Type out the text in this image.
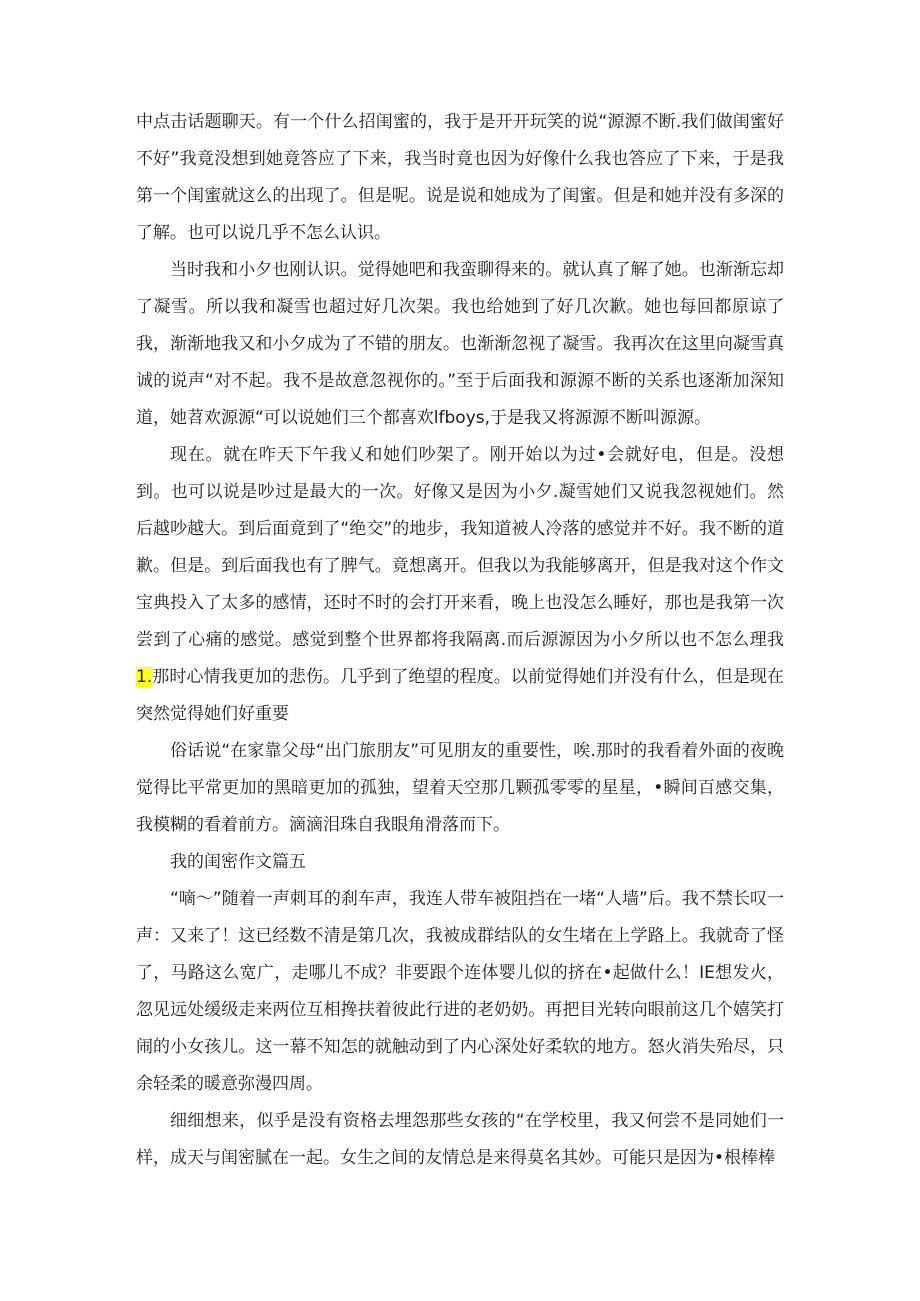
中点击话题聊天。有一个什么招闺蜜的，我于是开开玩笑的说“源源不断.我们做闺蜜好不好”我竟没想到她竟答应了下来，我当时竟也因为好像什么我也答应了下来，于是我第一个闺蜜就这么的出现了。但是呢。说是说和她成为了闺蜜。但是和她并没有多深的了解。也可以说几乎不怎么认识。

当时我和小夕也刚认识。觉得她吧和我蛮聊得来的。就认真了解了她。也渐渐忘却了凝雪。所以我和凝雪也超过好几次架。我也给她到了好几次歉。她也每回都原谅了我，渐渐地我又和小夕成为了不错的朋友。也渐渐忽视了凝雪。我再次在这里向凝雪真诚的说声“对不起。我不是故意忽视你的。”至于后面我和源源不断的关系也逐渐加深知道，她苕欢源源“可以说她们三个都喜欢lfboys,于是我又将源源不断叫源源。

现在。就在咋天下午我乂和她们吵架了。刚开始以为过•会就好电，但是。没想到。也可以说是吵过是最大的一次。好像又是因为小夕.凝雪她们又说我忽视她们。然后越吵越大。到后面竟到了“绝交”的地步，我知道被人冷落的感觉并不好。我不断的道歉。但是。到后面我也有了脾气。竟想离开。但我以为我能够离开，但是我对这个作文宝典投入了太多的感情，还时不时的会打开来看，晚上也没怎么睡好，那也是我第一次尝到了心痛的感觉。感觉到整个世界都将我隔离.而后源源因为小夕所以也不怎么理我1.那时心情我更加的悲伤。几乎到了绝望的程度。以前觉得她们并没有什么，但是现在突然觉得她们好重要

俗话说“在家靠父母“出门旅朋友”可见朋友的重要性，唉.那时的我看着外面的夜晚觉得比平常更加的黑暗更加的孤独，望着天空那几颗孤零零的星星，•瞬间百感交集，我模糊的看着前方。滴滴泪珠自我眼角滑落而下。

我的闺密作文篇五

“嘀～”随着一声刺耳的刹车声，我连人带车被阻挡在一堵“人墙”后。我不禁长叹一声：又来了！这已经数不清是第几次，我被成群结队的女生堵在上学路上。我就奇了怪了，马路这么宽广，走哪儿不成？非要跟个连体婴儿似的挤在•起做什么！IE想发火，忽见远处缓级走来两位互相搀扶着彼此行进的老奶奶。再把目光转向眼前这几个嬉笑打闹的小女孩儿。这一幕不知怎的就触动到了内心深处好柔软的地方。怒火消失殆尽，只余轻柔的暖意弥漫四周。

细细想来，似乎是没有资格去埋怨那些女孩的“在学校里，我又何尝不是同她们一样，成天与闺密腻在一起。女生之间的友情总是来得莫名其妙。可能只是因为•根棒棒
